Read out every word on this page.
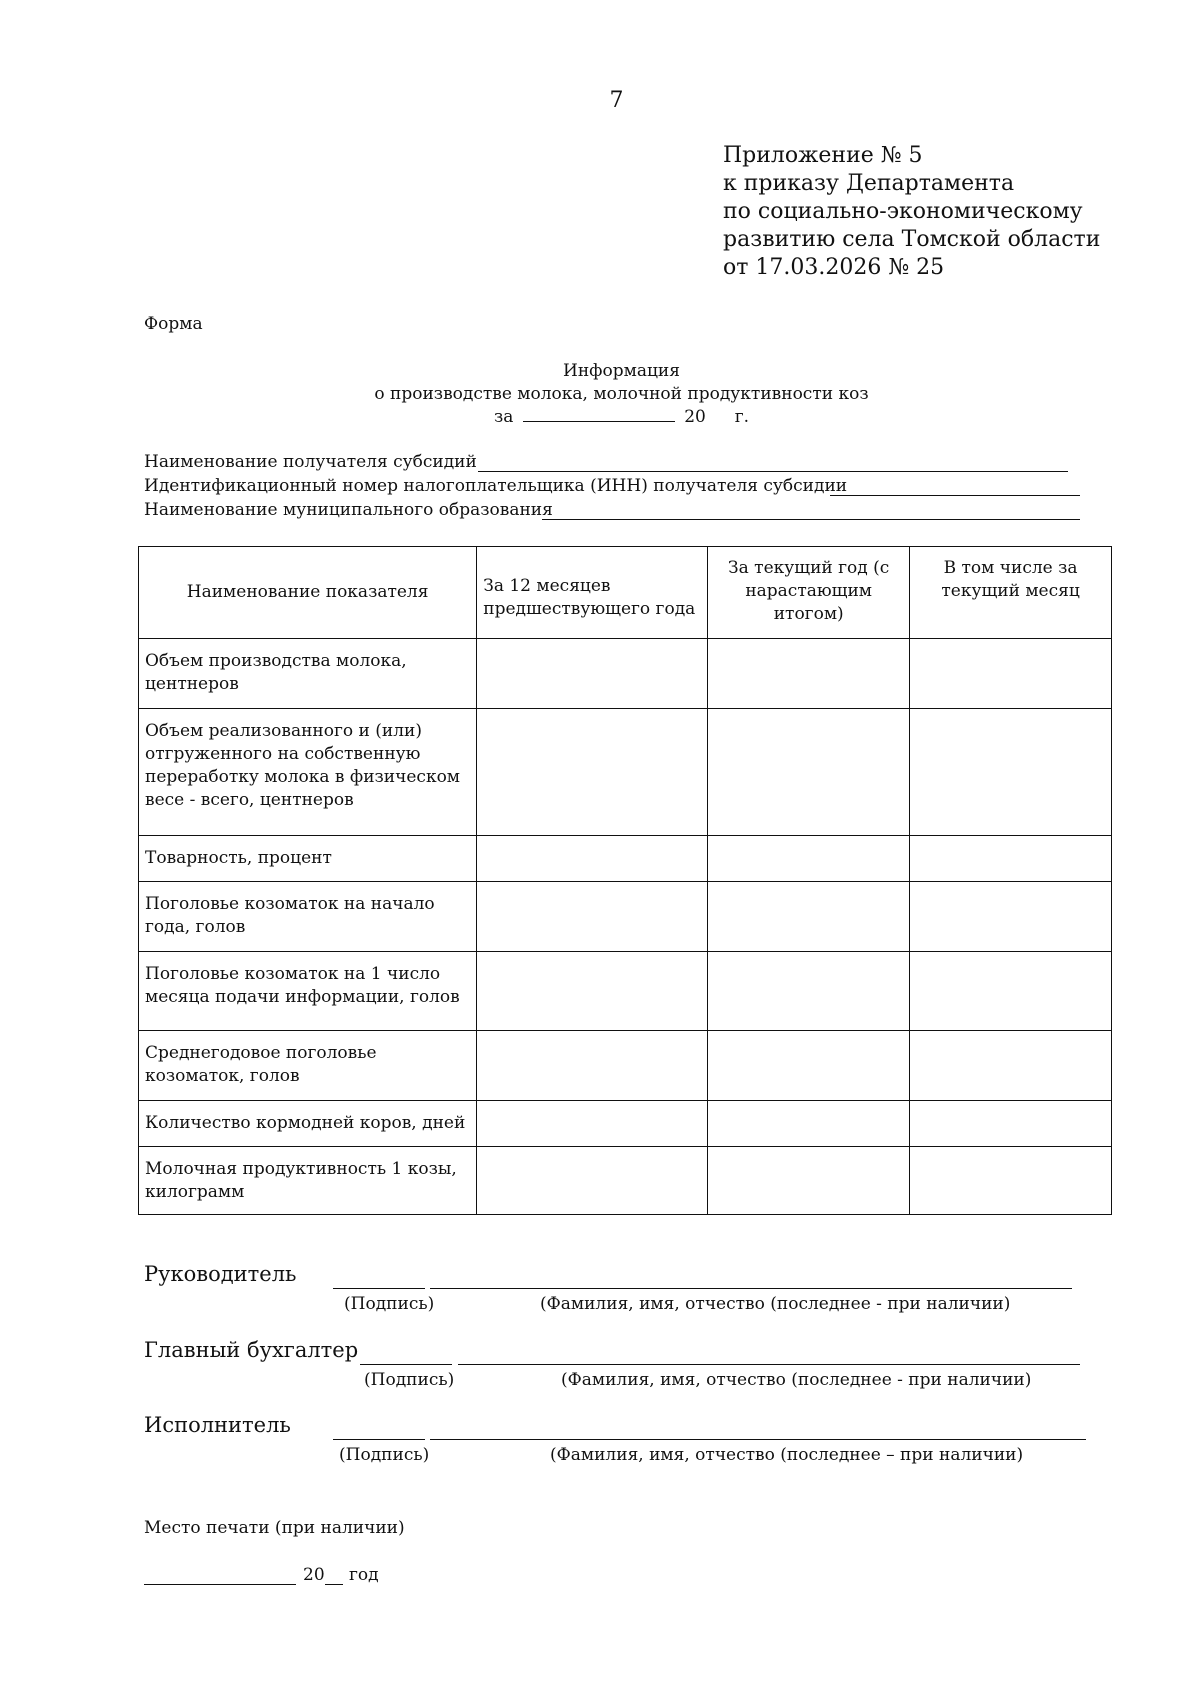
7
Приложение № 5
к приказу Департамента
по социально-экономическому
развитию села Томской области
от 17.03.2026 № 25
Форма
Информация
о производстве молока, молочной продуктивности коз
за	20 г.
Наименование получателя субсидий
Идентификационный номер налогоплательщика (ИНН) получателя субсидии
Наименование муниципального образования
Наименование показателя	За 12 месяцев предшествующего года	За текущий год (с нарастающим итогом)	В том числе за текущий месяц
Объем производства молока, центнеров			
Объем реализованного и (или) отгруженного на собственную переработку молока в физическом весе - всего, центнеров			
Товарность, процент			
Поголовье козоматок на начало года, голов			
Поголовье козоматок на 1 число месяца подачи информации, голов			
Среднегодовое поголовье козоматок, голов			
Количество кормодней коров, дней			
Молочная продуктивность 1 козы, килограмм			
Руководитель
(Подпись)	(Фамилия, имя, отчество (последнее - при наличии)
Главный бухгалтер
(Подпись)	(Фамилия, имя, отчество (последнее - при наличии)
Исполнитель
(Подпись)	(Фамилия, имя, отчество (последнее – при наличии)
Место печати (при наличии)
20 год
